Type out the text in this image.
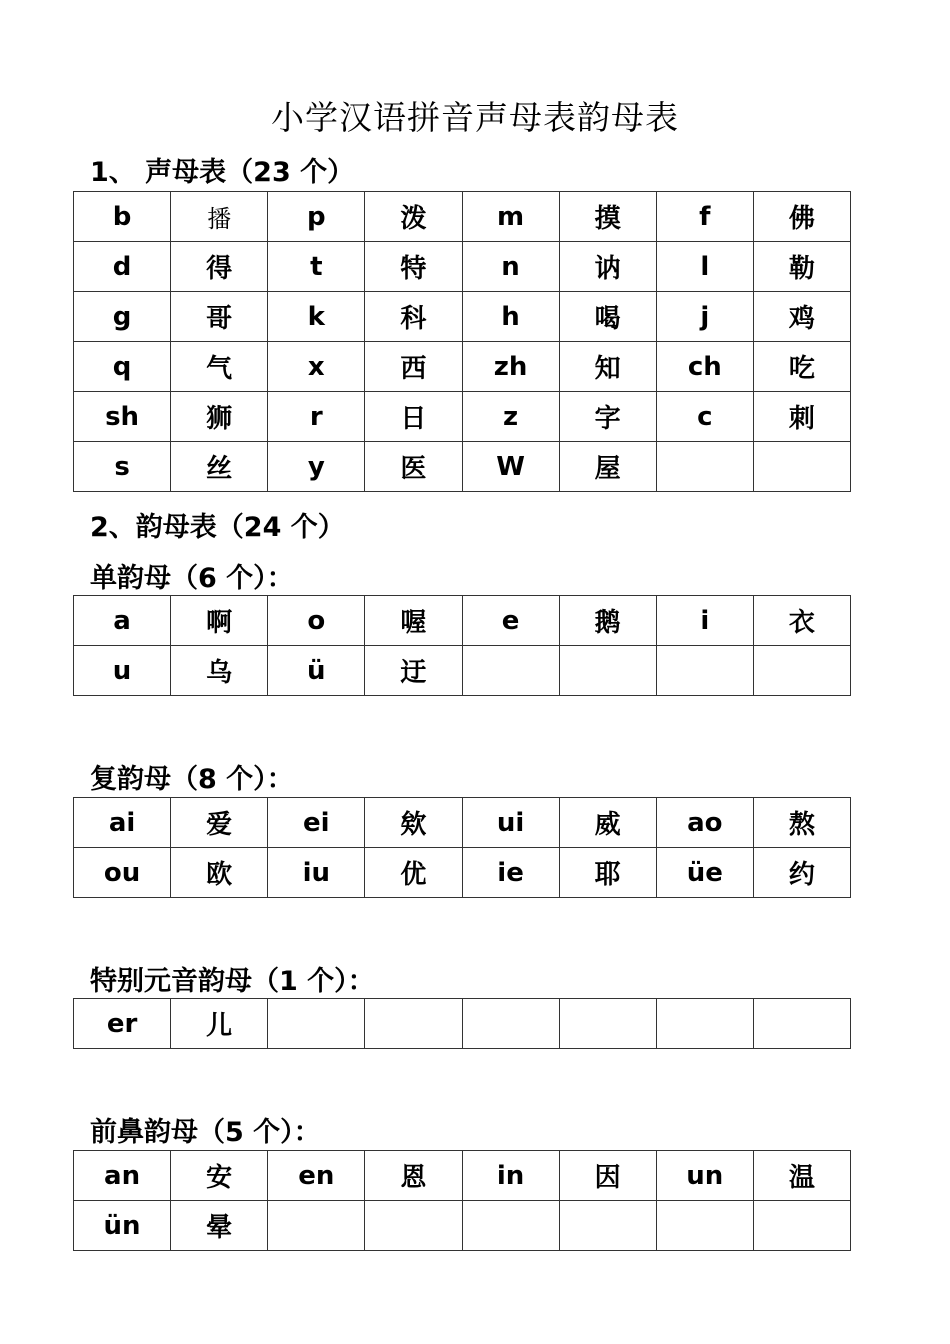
小学汉语拼音声母表韵母表
1、 声母表（23 个）
b	播	p	泼	m	摸	f	佛
d	得	t	特	n	讷	l	勒
g	哥	k	科	h	喝	j	鸡
q	气	x	西	zh	知	ch	吃
sh	狮	r	日	z	字	c	刺
s	丝	y	医	W	屋		
2、韵母表（24 个）
单韵母（6 个）：
a	啊	o	喔	e	鹅	i	衣
u	乌	ü	迂				
复韵母（8 个）：
ai	爱	ei	欸	ui	威	ao	熬
ou	欧	iu	优	ie	耶	üe	约
特别元音韵母（1 个）：
er	儿						
前鼻韵母（5 个）：
an	安	en	恩	in	因	un	温
ün	晕						
